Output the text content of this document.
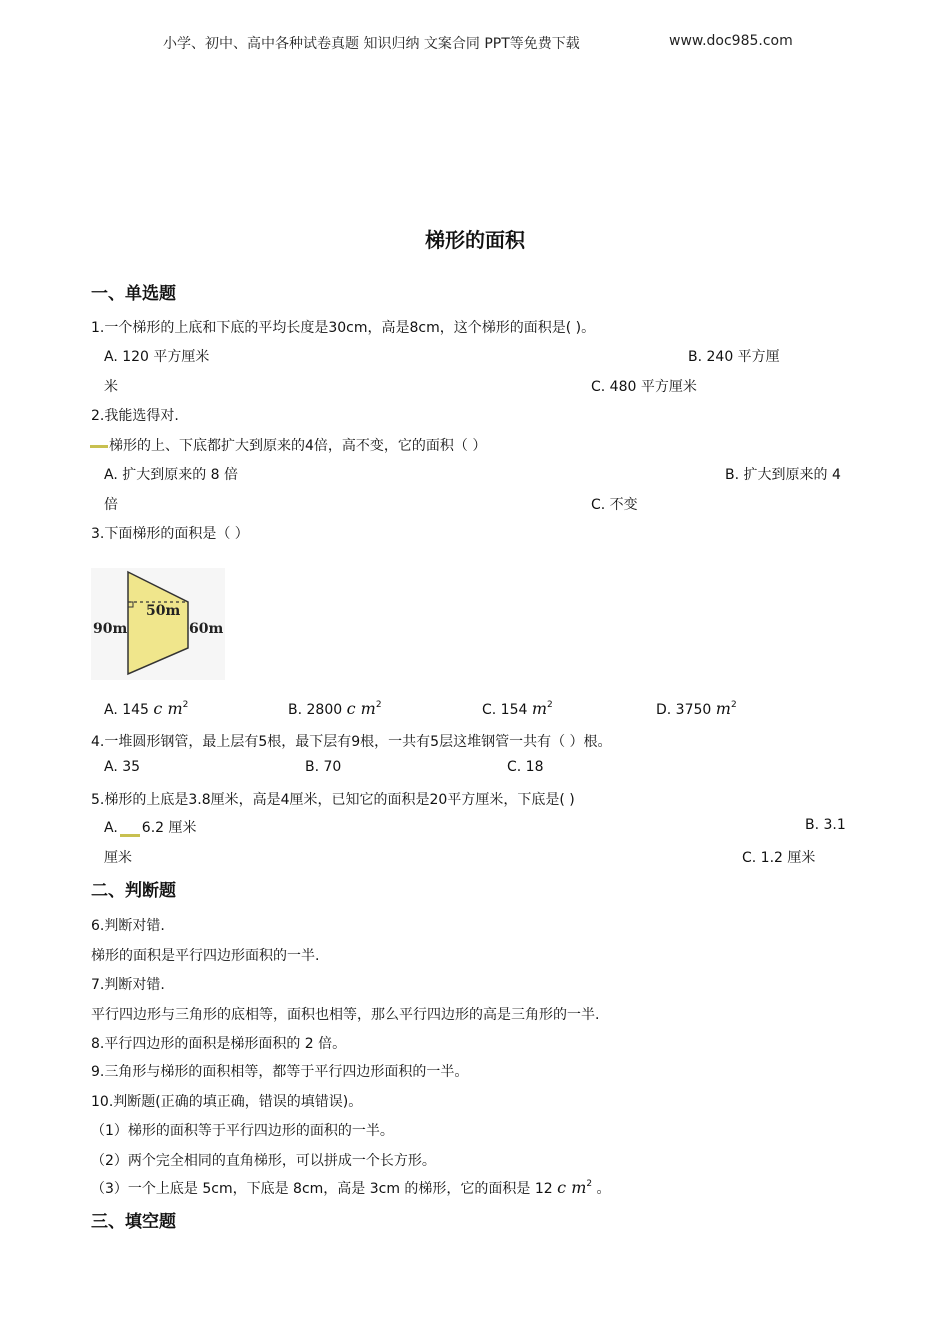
小学、初中、高中各种试卷真题 知识归纳 文案合同 PPT等免费下载	www.doc985.com
梯形的面积
一、单选题
1.一个梯形的上底和下底的平均长度是30cm，高是8cm，这个梯形的面积是( )。
A. 120 平方厘米	B. 240 平方厘
米	C. 480 平方厘米
2.我能选得对.
梯形的上、下底都扩大到原来的4倍，高不变，它的面积（ ）
A. 扩大到原来的 8 倍	B. 扩大到原来的 4
倍	C. 不变
3.下面梯形的面积是（ ）
90m
50m
60m
A. 145 c $m^2$	B. 2800 c $m^2$	C. 154 $m^2$	D. 3750 $m^2$
4.一堆圆形钢管，最上层有5根，最下层有9根，一共有5层这堆钢管一共有（ ）根。
A. 35	B. 70	C. 18
5.梯形的上底是3.8厘米，高是4厘米，已知它的面积是20平方厘米，下底是( )
A. 6.2 厘米	B. 3.1
厘米	C. 1.2 厘米
二、判断题
6.判断对错.
梯形的面积是平行四边形面积的一半.
7.判断对错.
平行四边形与三角形的底相等，面积也相等，那么平行四边形的高是三角形的一半.
8.平行四边形的面积是梯形面积的 2 倍。
9.三角形与梯形的面积相等，都等于平行四边形面积的一半。
10.判断题(正确的填正确，错误的填错误)。
（1）梯形的面积等于平行四边形的面积的一半。
（2）两个完全相同的直角梯形，可以拼成一个长方形。
（3）一个上底是 5cm，下底是 8cm，高是 3cm 的梯形，它的面积是 12 c $m^2$ 。
三、填空题
